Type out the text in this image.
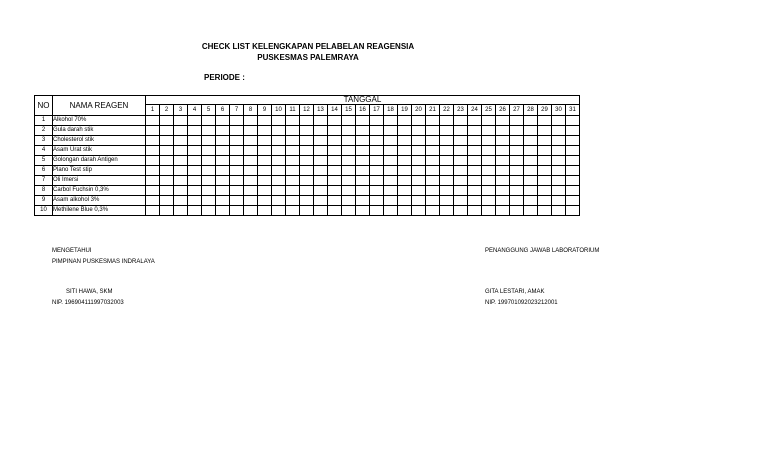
CHECK LIST KELENGKAPAN PELABELAN REAGENSIA
PUSKESMAS PALEMRAYA
PERIODE :
NO	NAMA REAGEN	TANGGAL																														
		1	2	3	4	5	6	7	8	9	10	11	12	13	14	15	16	17	18	19	20	21	22	23	24	25	26	27	28	29	30	31
1	Alkohol 70%																															
2	Gula darah stik																															
3	Cholesterol stik																															
4	Asam Urat stik																															
5	Golongan darah Antigen																															
6	Plano Test stip																															
7	Oli Imersi																															
8	Carbol Fuchsin 0,3%																															
9	Asam alkohol 3%																															
10	Methilene Blue 0,3%																															
MENGETAHUI
PIMPINAN PUSKESMAS INDRALAYA
SITI HAWA, SKM
NIP. 196904111997032003
PENANGGUNG JAWAB LABORATORIUM
GITA LESTARI, AMAK
NIP. 199701092023212001
